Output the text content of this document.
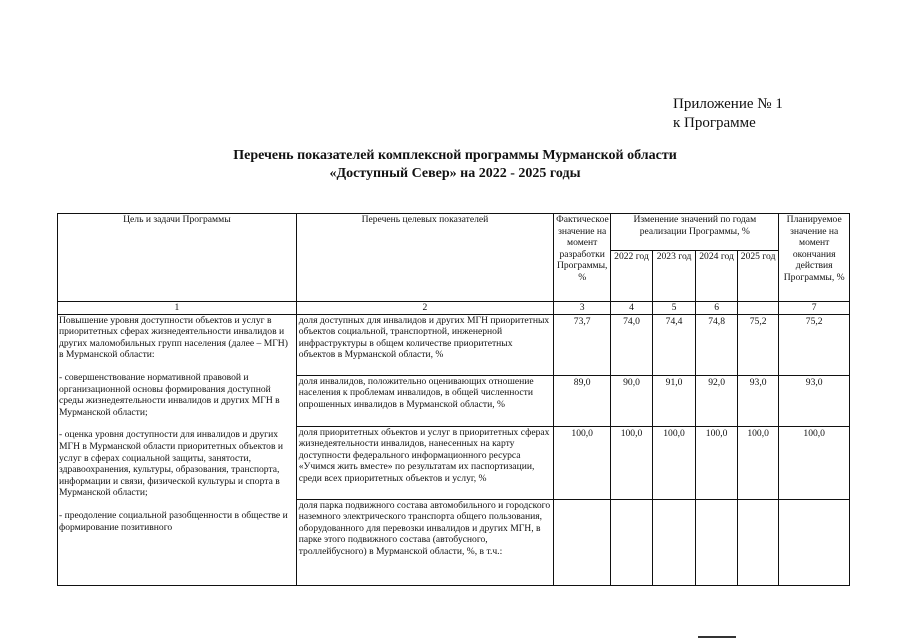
Приложение № 1
к Программе
Перечень показателей комплексной программы Мурманской области
«Доступный Север» на 2022 - 2025 годы
Цель и задачи Программы	Перечень целевых показателей	Фактическое значение на момент разработки Программы, %	Изменение значений по годам реализации Программы, %				Планируемое значение на момент окончания действия Программы, %
			2022 год	2023 год	2024 год	2025 год	
1	2	3	4	5	6		7

Повышение уровня доступности объектов и услуг в приоритетных сферах жизнедеятельности инвалидов и других маломобильных групп населения (далее – МГН) в Мурманской области:

- совершенствование нормативной правовой и организационной основы формирования доступной среды жизнедеятельности инвалидов и других МГН в Мурманской области;

- оценка уровня доступности для инвалидов и других МГН в Мурманской области приоритетных объектов и услуг в сферах социальной защиты, занятости, здравоохранения, культуры, образования, транспорта, информации и связи, физической культуры и спорта в Мурманской области;

- преодоление социальной разобщенности в обществе и формирование позитивного	доля доступных для инвалидов и других МГН приоритетных объектов социальной, транспортной, инженерной инфраструктуры в общем количестве приоритетных объектов в Мурманской области, %	73,7	74,0	74,4	74,8	75,2	75,2
	доля инвалидов, положительно оценивающих отношение населения к проблемам инвалидов, в общей численности опрошенных инвалидов в Мурманской области, %	89,0	90,0	91,0	92,0	93,0	93,0
	доля приоритетных объектов и услуг в приоритетных сферах жизнедеятельности инвалидов, нанесенных на карту доступности федерального информационного ресурса «Учимся жить вместе» по результатам их паспортизации, среди всех приоритетных объектов и услуг, %	100,0	100,0	100,0	100,0	100,0	100,0
	доля парка подвижного состава автомобильного и городского наземного электрического транспорта общего пользования, оборудованного для перевозки инвалидов и других МГН, в парке этого подвижного состава (автобусного, троллейбусного) в Мурманской области, %, в т.ч.:						
